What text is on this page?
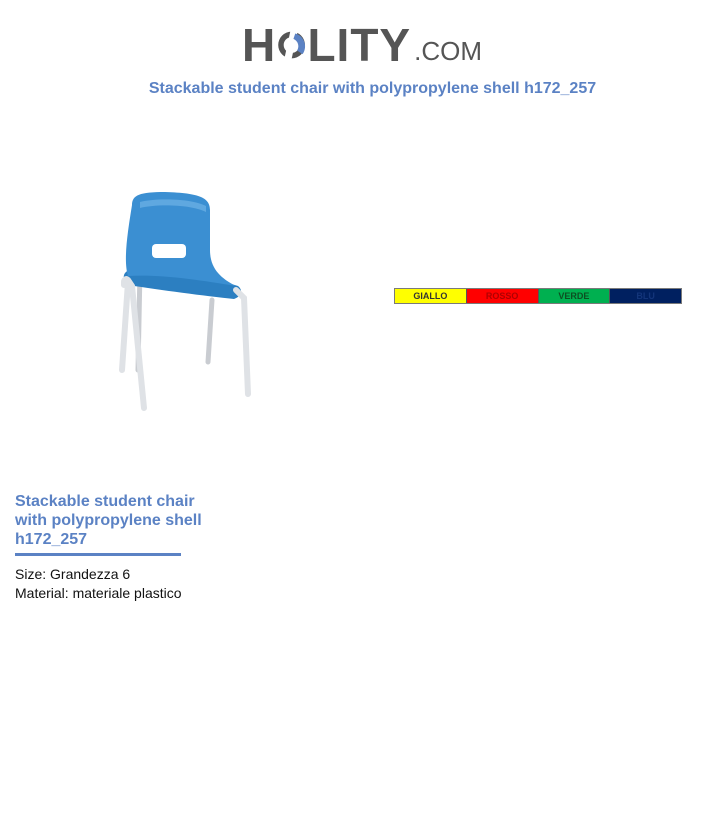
H LITY .COM
Stackable student chair with polypropylene shell h172_257
GIALLO	ROSSO	VERDE	BLU
Stackable student chair with polypropylene shell h172_257
Size: Grandezza 6
Material: materiale plastico
